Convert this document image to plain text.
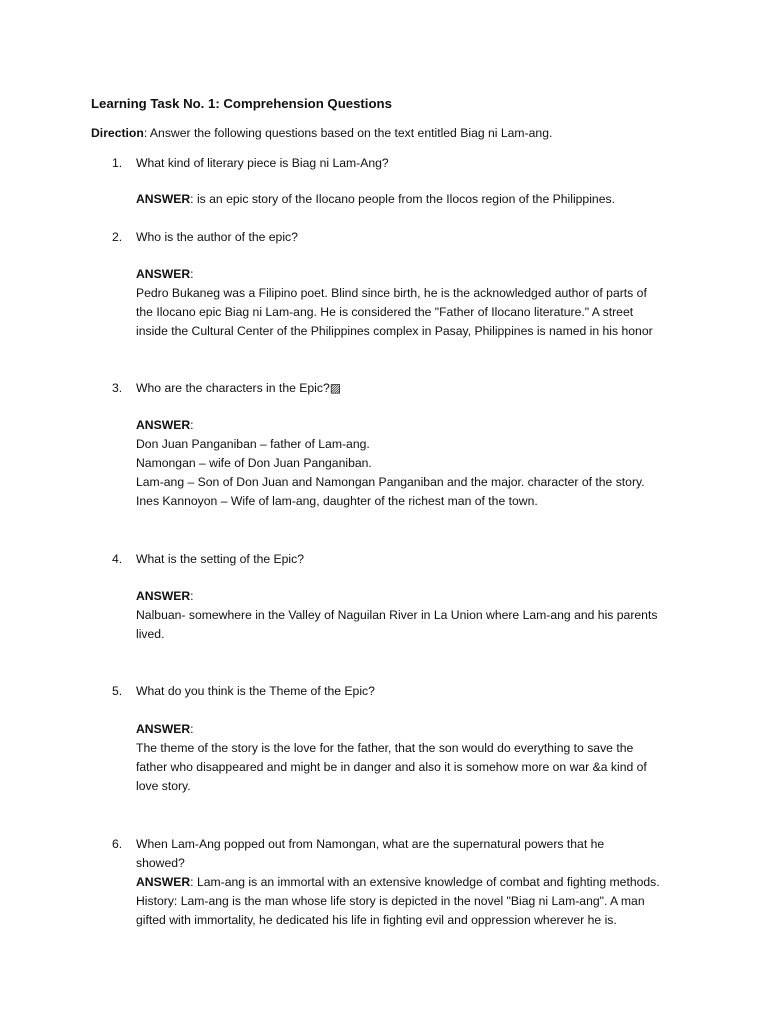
Learning Task No. 1: Comprehension Questions
Direction: Answer the following questions based on the text entitled Biag ni Lam-ang.
1. What kind of literary piece is Biag ni Lam-Ang?
ANSWER: is an epic story of the Ilocano people from the Ilocos region of the Philippines.
2. Who is the author of the epic?
ANSWER:
Pedro Bukaneg was a Filipino poet. Blind since birth, he is the acknowledged author of parts of
the Ilocano epic Biag ni Lam-ang. He is considered the "Father of Ilocano literature." A street
inside the Cultural Center of the Philippines complex in Pasay, Philippines is named in his honor
3. Who are the characters in the Epic?▨
ANSWER:
Don Juan Panganiban – father of Lam-ang.
Namongan – wife of Don Juan Panganiban.
Lam-ang – Son of Don Juan and Namongan Panganiban and the major. character of the story.
Ines Kannoyon – Wife of lam-ang, daughter of the richest man of the town.
4. What is the setting of the Epic?
ANSWER:
Nalbuan- somewhere in the Valley of Naguilan River in La Union where Lam-ang and his parents
lived.
5. What do you think is the Theme of the Epic?
ANSWER:
The theme of the story is the love for the father, that the son would do everything to save the
father who disappeared and might be in danger and also it is somehow more on war &a kind of
love story.
6. When Lam-Ang popped out from Namongan, what are the supernatural powers that he
showed?
ANSWER: Lam-ang is an immortal with an extensive knowledge of combat and fighting methods.
History: Lam-ang is the man whose life story is depicted in the novel "Biag ni Lam-ang". A man
gifted with immortality, he dedicated his life in fighting evil and oppression wherever he is.
